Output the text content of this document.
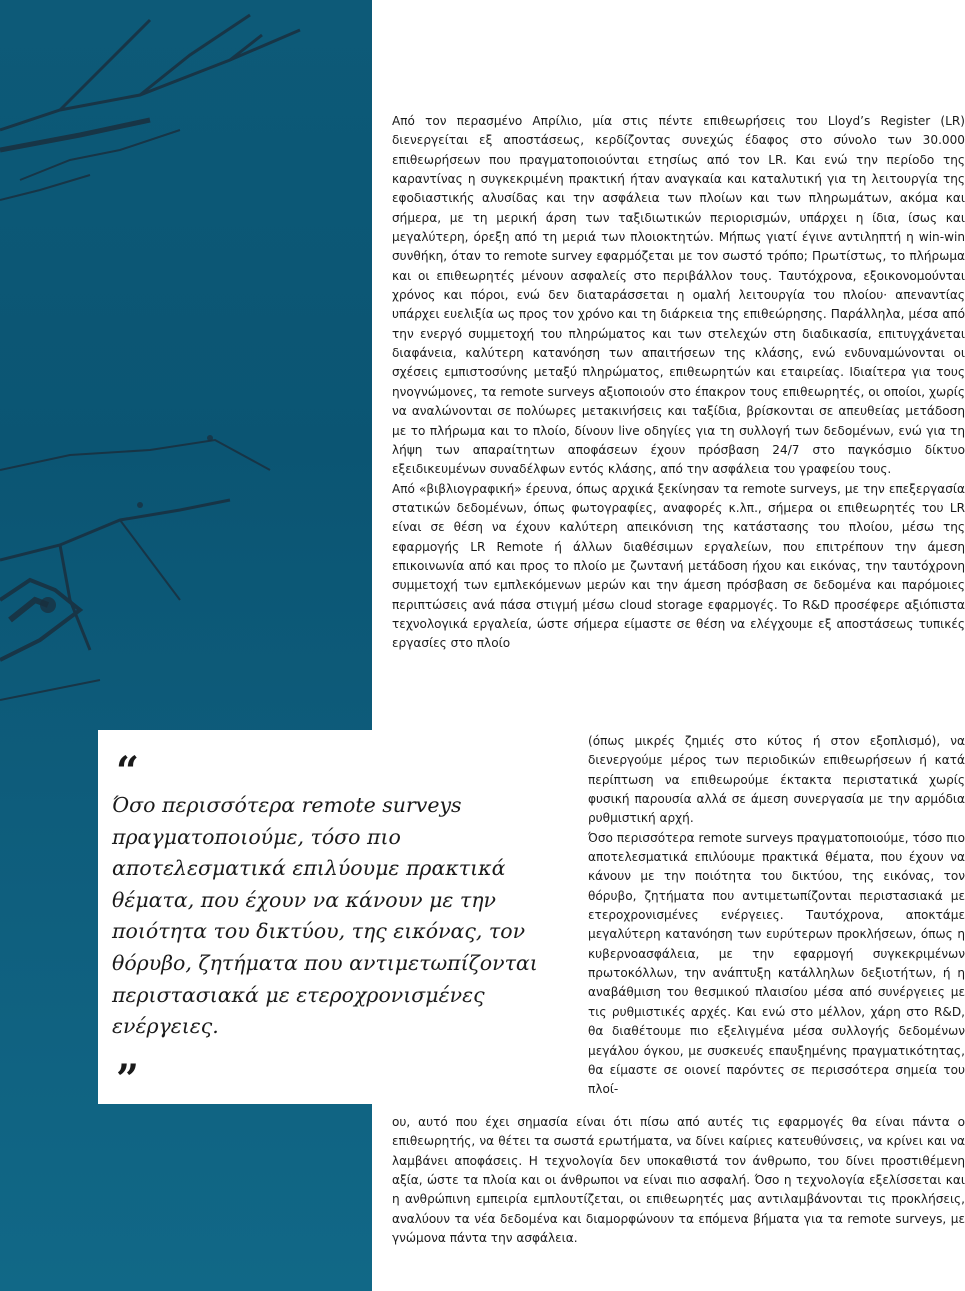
Από τον περασμένο Απρίλιο, μία στις πέντε επιθεωρήσεις του Lloyd’s Register (LR) διενεργείται εξ αποστάσεως, κερδίζοντας συνεχώς έδαφος στο σύνολο των 30.000 επιθεωρήσεων που πραγματοποιούνται ετησίως από τον LR. Και ενώ την περίοδο της καραντίνας η συγκεκριμένη πρακτική ήταν αναγκαία και καταλυτική για τη λειτουργία της εφοδιαστικής αλυσίδας και την ασφάλεια των πλοίων και των πληρωμάτων, ακόμα και σήμερα, με τη μερική άρση των ταξιδιωτικών περιορισμών, υπάρχει η ίδια, ίσως και μεγαλύτερη, όρεξη από τη μεριά των πλοιοκτητών. Μήπως γιατί έγινε αντιληπτή η win-win συνθήκη, όταν το remote survey εφαρμόζεται με τον σωστό τρόπο; Πρωτίστως, το πλήρωμα και οι επιθεωρητές μένουν ασφαλείς στο περιβάλλον τους. Ταυτόχρονα, εξοικονομούνται χρόνος και πόροι, ενώ δεν διαταράσσεται η ομαλή λειτουργία του πλοίου· απεναντίας υπάρχει ευελιξία ως προς τον χρόνο και τη διάρκεια της επιθεώρησης. Παράλληλα, μέσα από την ενεργό συμμετοχή του πληρώματος και των στελεχών στη διαδικασία, επιτυγχάνεται διαφάνεια, καλύτερη κατανόηση των απαιτήσεων της κλάσης, ενώ ενδυναμώνονται οι σχέσεις εμπιστοσύνης μεταξύ πληρώματος, επιθεωρητών και εταιρείας. Ιδιαίτερα για τους ηνογνώμονες, τα remote surveys αξιοποιούν στο έπακρον τους επιθεωρητές, οι οποίοι, χωρίς να αναλώνονται σε πολύωρες μετακινήσεις και ταξίδια, βρίσκονται σε απευθείας μετάδοση με το πλήρωμα και το πλοίο, δίνουν live οδηγίες για τη συλλογή των δεδομένων, ενώ για τη λήψη των απαραίτητων αποφάσεων έχουν πρόσβαση 24/7 στο παγκόσμιο δίκτυο εξειδικευμένων συναδέλφων εντός κλάσης, από την ασφάλεια του γραφείου τους.

Από «βιβλιογραφική» έρευνα, όπως αρχικά ξεκίνησαν τα remote surveys, με την επεξεργασία στατικών δεδομένων, όπως φωτογραφίες, αναφορές κ.λπ., σήμερα οι επιθεωρητές του LR είναι σε θέση να έχουν καλύτερη απεικόνιση της κατάστασης του πλοίου, μέσω της εφαρμογής LR Remote ή άλλων διαθέσιμων εργαλείων, που επιτρέπουν την άμεση επικοινωνία από και προς το πλοίο με ζωντανή μετάδοση ήχου και εικόνας, την ταυτόχρονη συμμετοχή των εμπλεκόμενων μερών και την άμεση πρόσβαση σε δεδομένα και παρόμοιες περιπτώσεις ανά πάσα στιγμή μέσω cloud storage εφαρμογές. Το R&D προσέφερε αξιόπιστα τεχνολογικά εργαλεία, ώστε σήμερα είμαστε σε θέση να ελέγχουμε εξ αποστάσεως τυπικές εργασίες στο πλοίο

(όπως μικρές ζημιές στο κύτος ή στον εξοπλισμό), να διενεργούμε μέρος των περιοδικών επιθεωρήσεων ή κατά περίπτωση να επιθεωρούμε έκτακτα περιστατικά χωρίς φυσική παρουσία αλλά σε άμεση συνεργασία με την αρμόδια ρυθμιστική αρχή.

Όσο περισσότερα remote surveys πραγματοποιούμε, τόσο πιο αποτελεσματικά επιλύουμε πρακτικά θέματα, που έχουν να κάνουν με την ποιότητα του δικτύου, της εικόνας, τον θόρυβο, ζητήματα που αντιμετωπίζονται περιστασιακά με ετεροχρονισμένες ενέργειες. Ταυτόχρονα, αποκτάμε μεγαλύτερη κατανόηση των ευρύτερων προκλήσεων, όπως η κυβερνοασφάλεια, με την εφαρμογή συγκεκριμένων πρωτοκόλλων, την ανάπτυξη κατάλληλων δεξιοτήτων, ή η αναβάθμιση του θεσμικού πλαισίου μέσα από συνέργειες με τις ρυθμιστικές αρχές. Και ενώ στο μέλλον, χάρη στο R&D, θα διαθέτουμε πιο εξελιγμένα μέσα συλλογής δεδομένων μεγάλου όγκου, με συσκευές επαυξημένης πραγματικότητας, θα είμαστε σε οιονεί παρόντες σε περισσότερα σημεία του πλοί-

ου, αυτό που έχει σημασία είναι ότι πίσω από αυτές τις εφαρμογές θα είναι πάντα ο επιθεωρητής, να θέτει τα σωστά ερωτήματα, να δίνει καίριες κατευθύνσεις, να κρίνει και να λαμβάνει αποφάσεις. Η τεχνολογία δεν υποκαθιστά τον άνθρωπο, του δίνει προστιθέμενη αξία, ώστε τα πλοία και οι άνθρωποι να είναι πιο ασφαλή. Όσο η τεχνολογία εξελίσσεται και η ανθρώπινη εμπειρία εμπλουτίζεται, οι επιθεωρητές μας αντιλαμβάνονται τις προκλήσεις, αναλύουν τα νέα δεδομένα και διαμορφώνουν τα επόμενα βήματα για τα remote surveys, με γνώμονα πάντα την ασφάλεια.

“
Όσο περισσότερα remote surveys πραγματοποιούμε, τόσο πιο αποτελεσματικά επιλύουμε πρακτικά θέματα, που έχουν να κάνουν με την ποιότητα του δικτύου, της εικόνας, τον θόρυβο, ζητήματα που αντιμετωπίζονται περιστασιακά με ετεροχρονισμένες ενέργειες.
”
